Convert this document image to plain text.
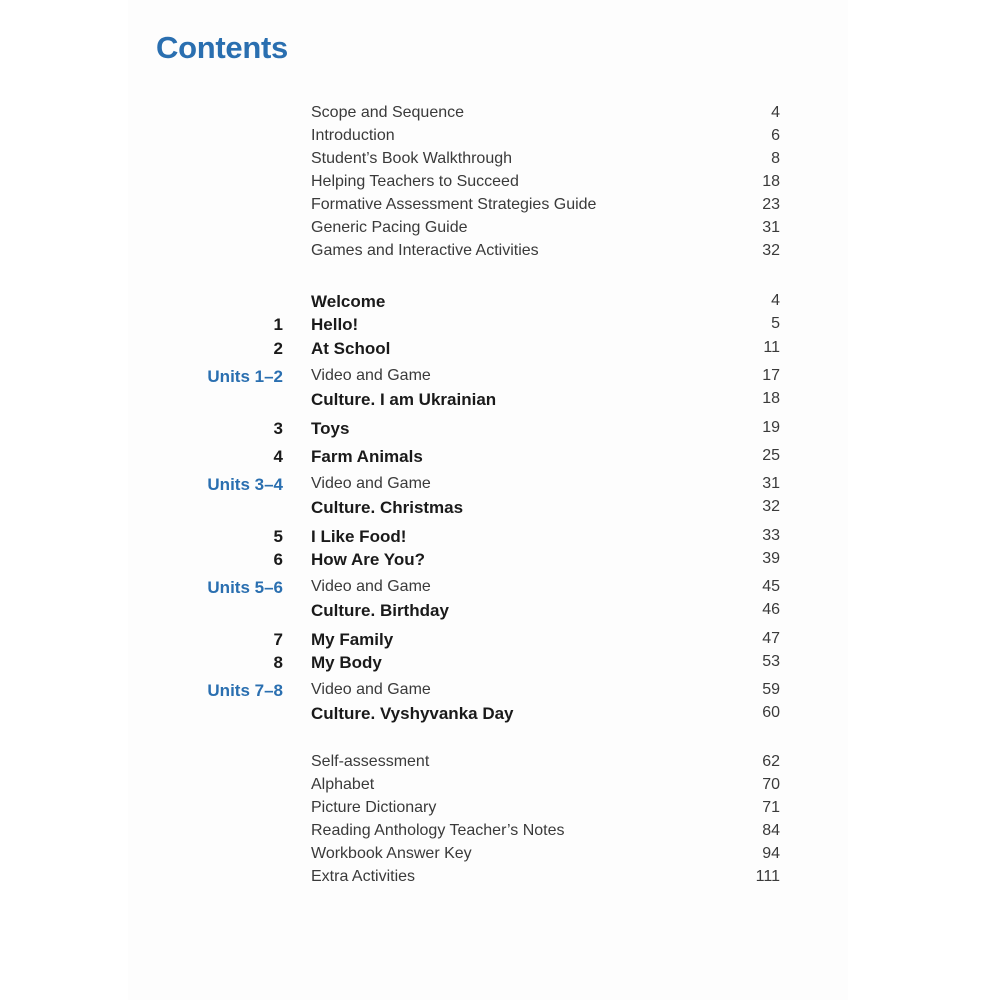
Contents
Scope and Sequence	4
Introduction	6
Student’s Book Walkthrough	8
Helping Teachers to Succeed	18
Formative Assessment Strategies Guide	23
Generic Pacing Guide	31
Games and Interactive Activities	32
Welcome	4
1 Hello!	5
2 At School	11
Units 1–2 Video and Game	17
Culture. I am Ukrainian	18
3 Toys	19
4 Farm Animals	25
Units 3–4 Video and Game	31
Culture. Christmas	32
5 I Like Food!	33
6 How Are You?	39
Units 5–6 Video and Game	45
Culture. Birthday	46
7 My Family	47
8 My Body	53
Units 7–8 Video and Game	59
Culture. Vyshyvanka Day	60
Self-assessment	62
Alphabet	70
Picture Dictionary	71
Reading Anthology Teacher’s Notes	84
Workbook Answer Key	94
Extra Activities	111
